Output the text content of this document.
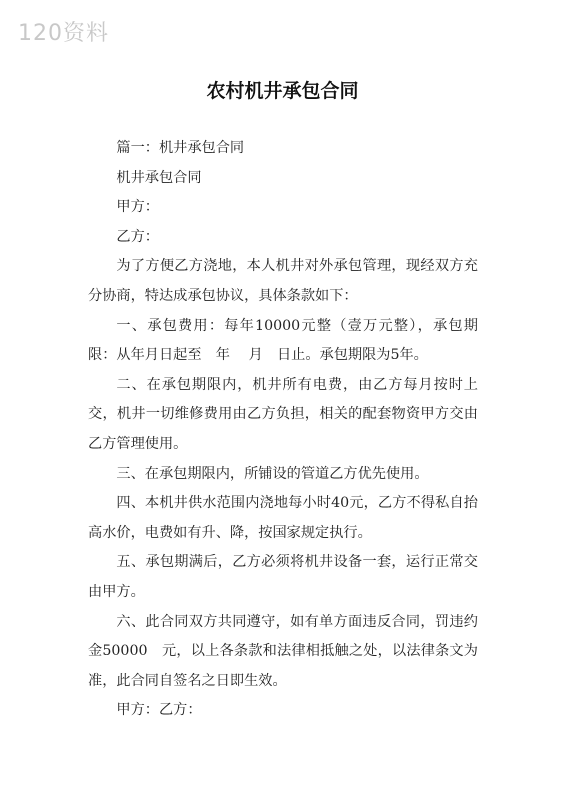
120资料
农村机井承包合同

篇一：机井承包合同

机井承包合同

甲方：

乙方：

为了方便乙方浇地，本人机井对外承包管理，现经双方充分协商，特达成承包协议，具体条款如下：

一、承包费用：每年10000元整（壹万元整），承包期限：从年月日起至　年　 月　日止。承包期限为5年。

二、在承包期限内，机井所有电费，由乙方每月按时上交，机井一切维修费用由乙方负担，相关的配套物资甲方交由乙方管理使用。

三、在承包期限内，所铺设的管道乙方优先使用。

四、本机井供水范围内浇地每小时40元，乙方不得私自抬高水价，电费如有升、降，按国家规定执行。

五、承包期满后，乙方必须将机井设备一套，运行正常交由甲方。

六、此合同双方共同遵守，如有单方面违反合同，罚违约金50000　元，以上各条款和法律相抵触之处，以法律条文为准，此合同自签名之日即生效。

甲方：乙方：
